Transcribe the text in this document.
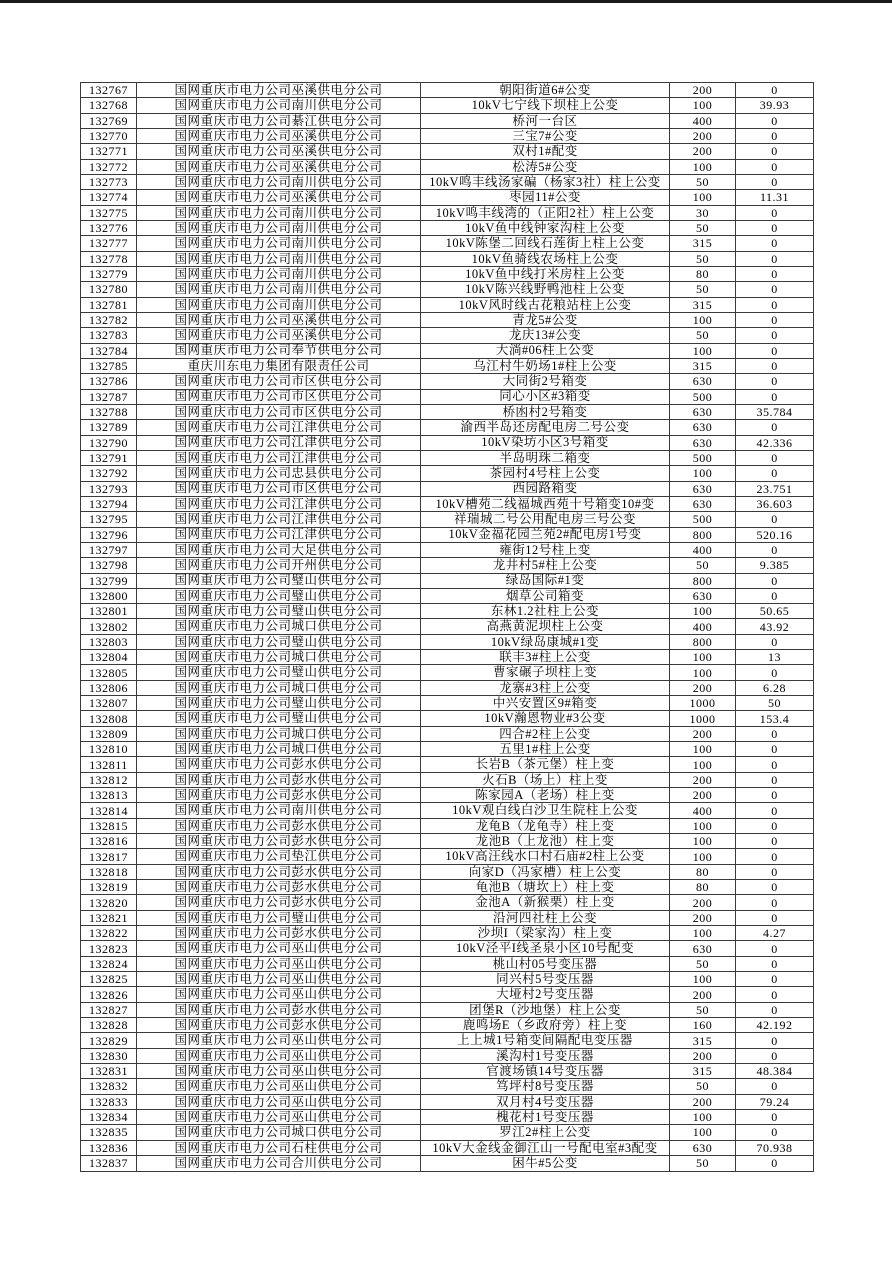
132767	国网重庆市电力公司巫溪供电分公司	朝阳街道6#公变	200	0
132768	国网重庆市电力公司南川供电分公司	10kV七宁线下坝柱上公变	100	39.93
132769	国网重庆市电力公司綦江供电分公司	桥河一台区	400	0
132770	国网重庆市电力公司巫溪供电分公司	三宝7#公变	200	0
132771	国网重庆市电力公司巫溪供电分公司	双村1#配变	200	0
132772	国网重庆市电力公司巫溪供电分公司	松涛5#公变	100	0
132773	国网重庆市电力公司南川供电分公司	10kV鸣丰线汤家碥（杨家3社）柱上公变	50	0
132774	国网重庆市电力公司巫溪供电分公司	枣园11#公变	100	11.31
132775	国网重庆市电力公司南川供电分公司	10kV鸣丰线湾的（正阳2社）柱上公变	30	0
132776	国网重庆市电力公司南川供电分公司	10kV鱼中线钟家沟柱上公变	50	0
132777	国网重庆市电力公司南川供电分公司	10kV陈堡二回线石莲街上柱上公变	315	0
132778	国网重庆市电力公司南川供电分公司	10kV鱼骑线农场柱上公变	50	0
132779	国网重庆市电力公司南川供电分公司	10kV鱼中线打米房柱上公变	80	0
132780	国网重庆市电力公司南川供电分公司	10kV陈兴线野鸭池柱上公变	50	0
132781	国网重庆市电力公司南川供电分公司	10kV风时线古花粮站柱上公变	315	0
132782	国网重庆市电力公司巫溪供电分公司	青龙5#公变	100	0
132783	国网重庆市电力公司巫溪供电分公司	龙庆13#公变	50	0
132784	国网重庆市电力公司奉节供电分公司	大淌#06柱上公变	100	0
132785	重庆川东电力集团有限责任公司	乌江村牛奶场1#柱上公变	315	0
132786	国网重庆市电力公司市区供电分公司	大同街2号箱变	630	0
132787	国网重庆市电力公司市区供电分公司	同心小区#3箱变	500	0
132788	国网重庆市电力公司市区供电分公司	桥凼村2号箱变	630	35.784
132789	国网重庆市电力公司江津供电分公司	渝西半岛还房配电房二号公变	630	0
132790	国网重庆市电力公司江津供电分公司	10kV染坊小区3号箱变	630	42.336
132791	国网重庆市电力公司江津供电分公司	半岛明珠二箱变	500	0
132792	国网重庆市电力公司忠县供电分公司	茶园村4号柱上公变	100	0
132793	国网重庆市电力公司市区供电分公司	西园路箱变	630	23.751
132794	国网重庆市电力公司江津供电分公司	10kV槽苑二线福城西苑十号箱变10#变	630	36.603
132795	国网重庆市电力公司江津供电分公司	祥瑞城二号公用配电房三号公变	500	0
132796	国网重庆市电力公司江津供电分公司	10kV金福花园兰苑2#配电房1号变	800	520.16
132797	国网重庆市电力公司大足供电分公司	雍街12号柱上变	400	0
132798	国网重庆市电力公司开州供电分公司	龙井村5#柱上公变	50	9.385
132799	国网重庆市电力公司璧山供电分公司	绿岛国际#1变	800	0
132800	国网重庆市电力公司璧山供电分公司	烟草公司箱变	630	0
132801	国网重庆市电力公司璧山供电分公司	东林1.2社柱上公变	100	50.65
132802	国网重庆市电力公司城口供电分公司	高燕黄泥坝柱上公变	400	43.92
132803	国网重庆市电力公司璧山供电分公司	10kV绿岛康城#1变	800	0
132804	国网重庆市电力公司城口供电分公司	联丰3#柱上公变	100	13
132805	国网重庆市电力公司璧山供电分公司	曹家碾子坝柱上变	100	0
132806	国网重庆市电力公司城口供电分公司	龙寨#3柱上公变	200	6.28
132807	国网重庆市电力公司璧山供电分公司	中兴安置区9#箱变	1000	50
132808	国网重庆市电力公司璧山供电分公司	10kV瀚恩物业#3公变	1000	153.4
132809	国网重庆市电力公司城口供电分公司	四合#2柱上公变	200	0
132810	国网重庆市电力公司城口供电分公司	五里1#柱上公变	100	0
132811	国网重庆市电力公司彭水供电分公司	长岩B（茶元堡）柱上变	100	0
132812	国网重庆市电力公司彭水供电分公司	火石B（场上）柱上变	200	0
132813	国网重庆市电力公司彭水供电分公司	陈家园A（老场）柱上变	200	0
132814	国网重庆市电力公司南川供电分公司	10kV观白线白沙卫生院柱上公变	400	0
132815	国网重庆市电力公司彭水供电分公司	龙龟B（龙龟寺）柱上变	100	0
132816	国网重庆市电力公司彭水供电分公司	龙池B（上龙池）柱上变	100	0
132817	国网重庆市电力公司垫江供电分公司	10kV高汪线水口村石庙#2柱上公变	100	0
132818	国网重庆市电力公司彭水供电分公司	向家D（冯家槽）柱上公变	80	0
132819	国网重庆市电力公司彭水供电分公司	龟池B（塘坎上）柱上变	80	0
132820	国网重庆市电力公司彭水供电分公司	金池A（新猴栗）柱上变	200	0
132821	国网重庆市电力公司璧山供电分公司	沿河四社柱上公变	200	0
132822	国网重庆市电力公司彭水供电分公司	沙坝I（梁家沟）柱上变	100	4.27
132823	国网重庆市电力公司巫山供电分公司	10kV泾平I线圣泉小区10号配变	630	0
132824	国网重庆市电力公司巫山供电分公司	桃山村05号变压器	50	0
132825	国网重庆市电力公司巫山供电分公司	同兴村5号变压器	100	0
132826	国网重庆市电力公司巫山供电分公司	大垭村2号变压器	200	0
132827	国网重庆市电力公司彭水供电分公司	团堡R（沙地堡）柱上公变	50	0
132828	国网重庆市电力公司彭水供电分公司	鹿鸣场E（乡政府旁）柱上变	160	42.192
132829	国网重庆市电力公司巫山供电分公司	上上城1号箱变间隔配电变压器	315	0
132830	国网重庆市电力公司巫山供电分公司	溪沟村1号变压器	200	0
132831	国网重庆市电力公司巫山供电分公司	官渡场镇14号变压器	315	48.384
132832	国网重庆市电力公司巫山供电分公司	笃坪村8号变压器	50	0
132833	国网重庆市电力公司巫山供电分公司	双月村4号变压器	200	79.24
132834	国网重庆市电力公司巫山供电分公司	槐花村1号变压器	100	0
132835	国网重庆市电力公司城口供电分公司	罗江2#柱上公变	100	0
132836	国网重庆市电力公司石柱供电分公司	10kV大金线金御江山一号配电室#3配变	630	70.938
132837	国网重庆市电力公司合川供电分公司	困牛#5公变	50	0
